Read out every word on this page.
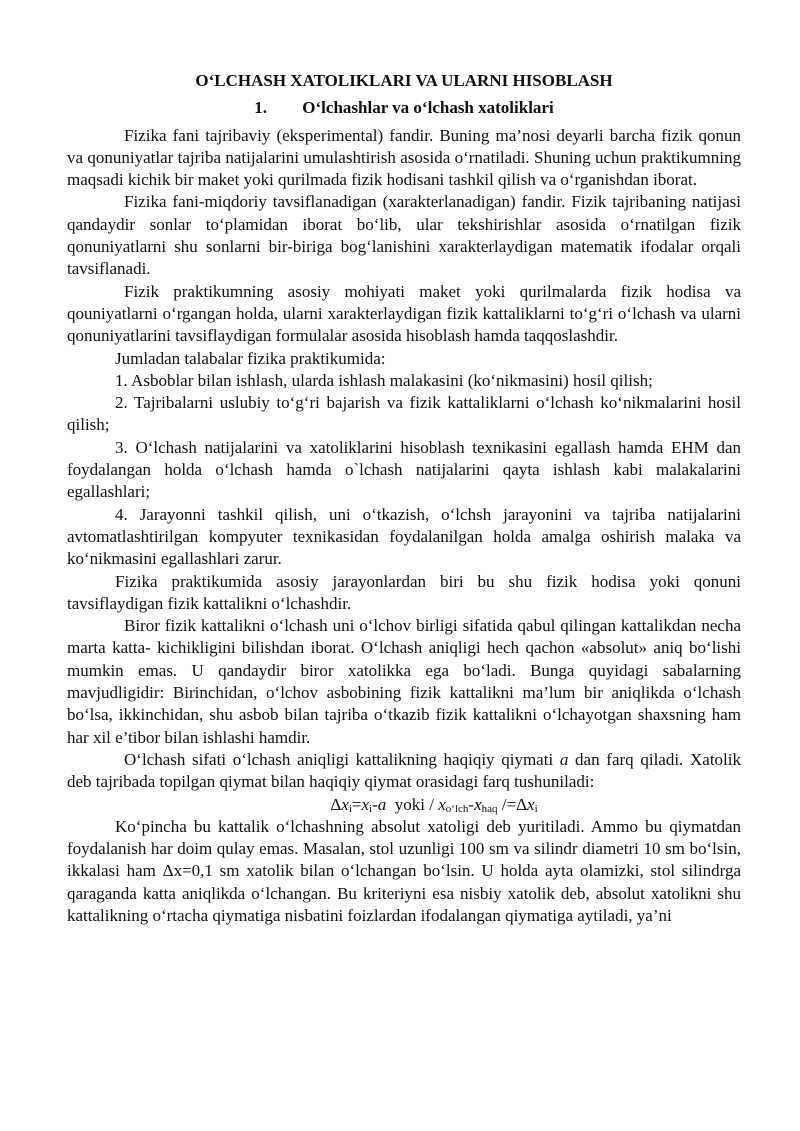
O‘LCHASH XATOLIKLARI VA ULARNI HISOBLASH

1. O‘lchashlar va o‘lchash xatoliklari

Fizika fani tajribaviy (eksperimental) fandir. Buning ma’nosi deyarli barcha fizik qonun va qonuniyatlar tajriba natijalarini umulashtirish asosida o‘rnatiladi. Shuning uchun praktikumning maqsadi kichik bir maket yoki qurilmada fizik hodisani tashkil qilish va o‘rganishdan iborat.

Fizika fani-miqdoriy tavsiflanadigan (xarakterlanadigan) fandir. Fizik tajribaning natijasi qandaydir sonlar to‘plamidan iborat bo‘lib, ular tekshirishlar asosida o‘rnatilgan fizik qonuniyatlarni shu sonlarni bir-biriga bog‘lanishini xarakterlaydigan matematik ifodalar orqali tavsiflanadi.

Fizik praktikumning asosiy mohiyati maket yoki qurilmalarda fizik hodisa va qouniyatlarni o‘rgangan holda, ularni xarakterlaydigan fizik kattaliklarni to‘g‘ri o‘lchash va ularni qonuniyatlarini tavsiflaydigan formulalar asosida hisoblash hamda taqqoslashdir.

Jumladan talabalar fizika praktikumida:

1. Asboblar bilan ishlash, ularda ishlash malakasini (ko‘nikmasini) hosil qilish;

2. Tajribalarni uslubiy to‘g‘ri bajarish va fizik kattaliklarni o‘lchash ko‘nikmalarini hosil qilish;

3. O‘lchash natijalarini va xatoliklarini hisoblash texnikasini egallash hamda EHM dan foydalangan holda o‘lchash hamda o`lchash natijalarini qayta ishlash kabi malakalarini egallashlari;

4. Jarayonni tashkil qilish, uni o‘tkazish, o‘lchsh jarayonini va tajriba natijalarini avtomatlashtirilgan kompyuter texnikasidan foydalanilgan holda amalga oshirish malaka va ko‘nikmasini egallashlari zarur.

Fizika praktikumida asosiy jarayonlardan biri bu shu fizik hodisa yoki qonuni tavsiflaydigan fizik kattalikni o‘lchashdir.

Biror fizik kattalikni o‘lchash uni o‘lchov birligi sifatida qabul qilingan kattalikdan necha marta katta- kichikligini bilishdan iborat. O‘lchash aniqligi hech qachon «absolut» aniq bo‘lishi mumkin emas. U qandaydir biror xatolikka ega bo‘ladi. Bunga quyidagi sabalarning mavjudligidir: Birinchidan, o‘lchov asbobining fizik kattalikni ma’lum bir aniqlikda o‘lchash bo‘lsa, ikkinchidan, shu asbob bilan tajriba o‘tkazib fizik kattalikni o‘lchayotgan shaxsning ham har xil e’tibor bilan ishlashi hamdir.

O‘lchash sifati o‘lchash aniqligi kattalikning haqiqiy qiymati a dan farq qiladi. Xatolik deb tajribada topilgan qiymat bilan haqiqiy qiymat orasidagi farq tushuniladi:

$\Delta x_i=x_i-a$ yoki / $x_{o‘lch}-x_{haq}$ $/=\Delta x_i$

Ko‘pincha bu kattalik o‘lchashning absolut xatoligi deb yuritiladi. Ammo bu qiymatdan foydalanish har doim qulay emas. Masalan, stol uzunligi 100 sm va silindr diametri 10 sm bo‘lsin, ikkalasi ham Δx=0,1 sm xatolik bilan o‘lchangan bo‘lsin. U holda ayta olamizki, stol silindrga qaraganda katta aniqlikda o‘lchangan. Bu kriteriyni esa nisbiy xatolik deb, absolut xatolikni shu kattalikning o‘rtacha qiymatiga nisbatini foizlardan ifodalangan qiymatiga aytiladi, ya’ni
